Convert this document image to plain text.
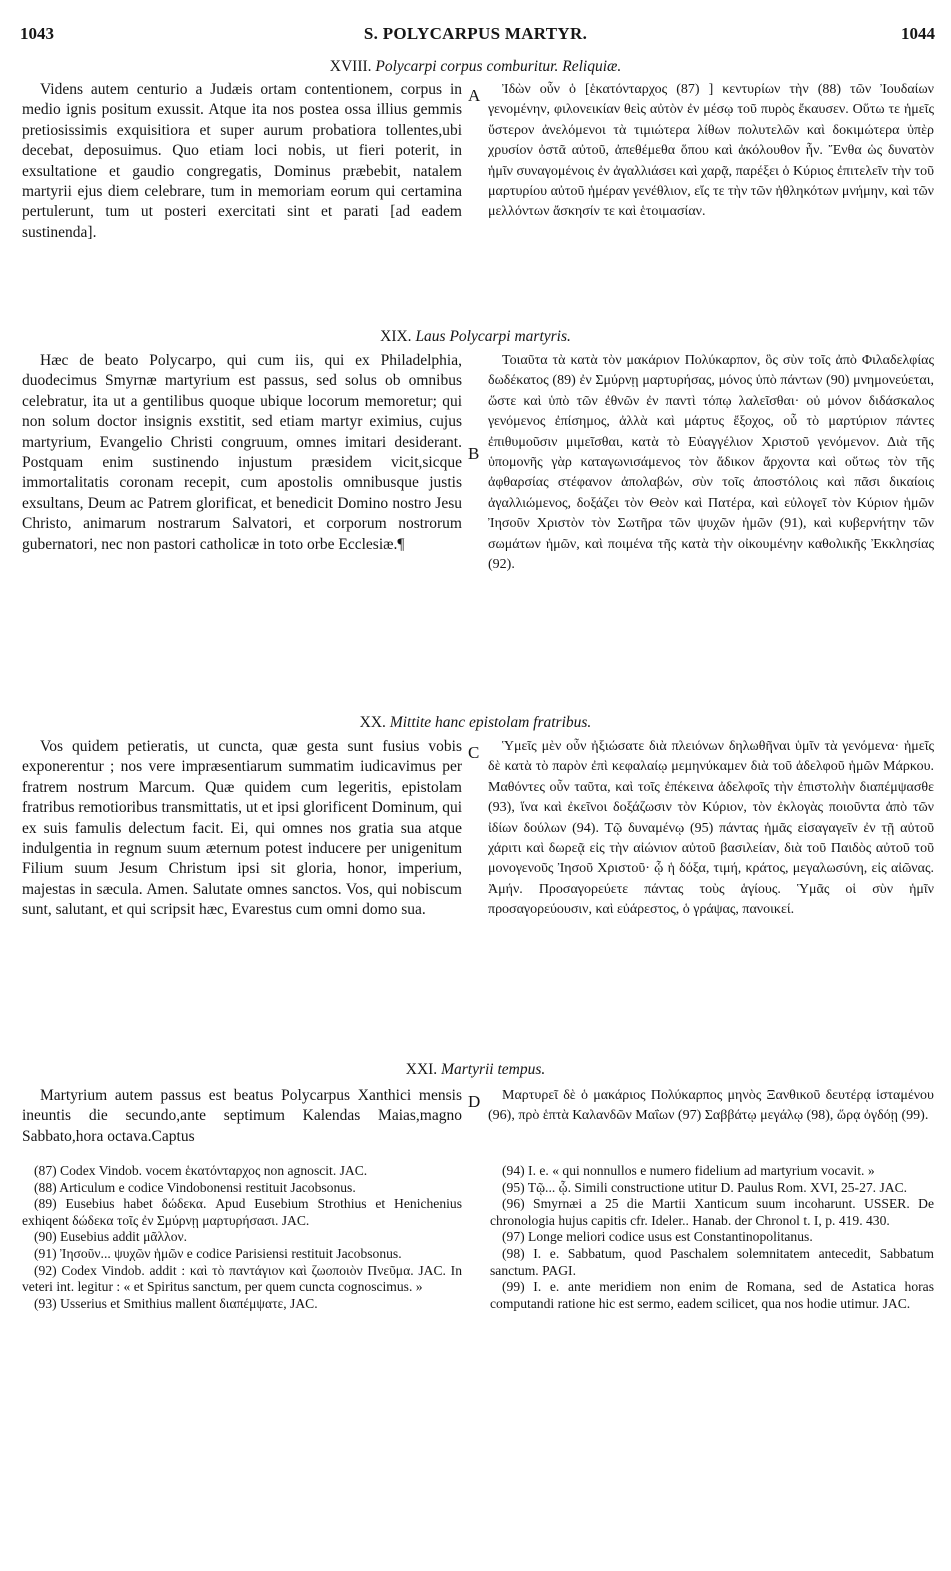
1043	S. POLYCARPUS MARTYR.	1044
XVIII. Polycarpi corpus comburitur. Reliquiæ.
A
Videns autem centurio a Judæis ortam contentionem, corpus in medio ignis positum exussit. Atque ita nos postea ossa illius gemmis pretiosissimis exquisitiora et super aurum probatiora tollentes,ubi decebat, deposuimus. Quo etiam loci nobis, ut fieri poterit, in exsultatione et gaudio congregatis, Dominus præbebit, natalem martyrii ejus diem celebrare, tum in memoriam eorum qui certamina pertulerunt, tum ut posteri exercitati sint et parati [ad eadem sustinenda].
Ἰδὼν οὖν ὁ [ἑκατόνταρχος (87) ] κεντυρίων τὴν (88) τῶν Ἰουδαίων γενομένην, φιλονεικίαν θεὶς αὐτὸν ἐν μέσῳ τοῦ πυρὸς ἔκαυσεν. Οὕτω τε ἡμεῖς ὕστερον ἀνελόμενοι τὰ τιμιώτερα λίθων πολυτελῶν καὶ δοκιμώτερα ὑπὲρ χρυσίον ὀστᾶ αὐτοῦ, ἀπεθέμεθα ὅπου καὶ ἀκόλουθον ἦν. Ἔνθα ὡς δυνατὸν ἡμῖν συναγομένοις ἐν ἀγαλλιάσει καὶ χαρᾷ, παρέξει ὁ Κύριος ἐπιτελεῖν τὴν τοῦ μαρτυρίου αὐτοῦ ἡμέραν γενέθλιον, εἴς τε τὴν τῶν ἠθληκότων μνήμην, καὶ τῶν μελλόντων ἄσκησίν τε καὶ ἑτοιμασίαν.
XIX. Laus Polycarpi martyris.
B
Hæc de beato Polycarpo, qui cum iis, qui ex Philadelphia, duodecimus Smyrnæ martyrium est passus, sed solus ob omnibus celebratur, ita ut a gentilibus quoque ubique locorum memoretur; qui non solum doctor insignis exstitit, sed etiam martyr eximius, cujus martyrium, Evangelio Christi congruum, omnes imitari desiderant. Postquam enim sustinendo injustum præsidem vicit,sicque immortalitatis coronam recepit, cum apostolis omnibusque justis exsultans, Deum ac Patrem glorificat, et benedicit Domino nostro Jesu Christo, animarum nostrarum Salvatori, et corporum nostrorum gubernatori, nec non pastori catholicæ in toto orbe Ecclesiæ.¶
Τοιαῦτα τὰ κατὰ τὸν μακάριον Πολύκαρπον, ὃς σὺν τοῖς ἀπὸ Φιλαδελφίας δωδέκατος (89) ἐν Σμύρνῃ μαρτυρήσας, μόνος ὑπὸ πάντων (90) μνημονεύεται, ὥστε καὶ ὑπὸ τῶν ἐθνῶν ἐν παντὶ τόπῳ λαλεῖσθαι· οὐ μόνον διδάσκαλος γενόμενος ἐπίσημος, ἀλλὰ καὶ μάρτυς ἔξοχος, οὗ τὸ μαρτύριον πάντες ἐπιθυμοῦσιν μιμεῖσθαι, κατὰ τὸ Εὐαγγέλιον Χριστοῦ γενόμενον. Διὰ τῆς ὑπομονῆς γὰρ καταγωνισάμενος τὸν ἄδικον ἄρχοντα καὶ οὕτως τὸν τῆς ἀφθαρσίας στέφανον ἀπολαβών, σὺν τοῖς ἀποστόλοις καὶ πᾶσι δικαίοις ἀγαλλιώμενος, δοξάζει τὸν Θεὸν καὶ Πατέρα, καὶ εὐλογεῖ τὸν Κύριον ἡμῶν Ἰησοῦν Χριστὸν τὸν Σωτῆρα τῶν ψυχῶν ἡμῶν (91), καὶ κυβερνήτην τῶν σωμάτων ἡμῶν, καὶ ποιμένα τῆς κατὰ τὴν οἰκουμένην καθολικῆς Ἐκκλησίας (92).
XX. Mittite hanc epistolam fratribus.
C
Vos quidem petieratis, ut cuncta, quæ gesta sunt fusius vobis exponerentur ; nos vere impræsentiarum summatim iudicavimus per fratrem nostrum Marcum. Quæ quidem cum legeritis, epistolam fratribus remotioribus transmittatis, ut et ipsi glorificent Dominum, qui ex suis famulis delectum facit. Ei, qui omnes nos gratia sua atque indulgentia in regnum suum æternum potest inducere per unigenitum Filium suum Jesum Christum ipsi sit gloria, honor, imperium, majestas in sæcula. Amen. Salutate omnes sanctos. Vos, qui nobiscum sunt, salutant, et qui scripsit hæc, Evarestus cum omni domo sua.
Ὑμεῖς μὲν οὖν ἠξιώσατε διὰ πλειόνων δηλωθῆναι ὑμῖν τὰ γενόμενα· ἡμεῖς δὲ κατὰ τὸ παρὸν ἐπὶ κεφαλαίῳ μεμηνύκαμεν διὰ τοῦ ἀδελφοῦ ἡμῶν Μάρκου. Μαθόντες οὖν ταῦτα, καὶ τοῖς ἐπέκεινα ἀδελφοῖς τὴν ἐπιστολὴν διαπέμψασθε (93), ἵνα καὶ ἐκεῖνοι δοξάζωσιν τὸν Κύριον, τὸν ἐκλογὰς ποιοῦντα ἀπὸ τῶν ἰδίων δούλων (94). Τῷ δυναμένῳ (95) πάντας ἡμᾶς εἰσαγαγεῖν ἐν τῇ αὐτοῦ χάριτι καὶ δωρεᾷ εἰς τὴν αἰώνιον αὐτοῦ βασιλείαν, διὰ τοῦ Παιδὸς αὐτοῦ τοῦ μονογενοῦς Ἰησοῦ Χριστοῦ· ᾧ ἡ δόξα, τιμή, κράτος, μεγαλωσύνη, εἰς αἰῶνας. Ἀμήν. Προσαγορεύετε πάντας τοὺς ἁγίους. Ὑμᾶς οἱ σὺν ἡμῖν προσαγορεύουσιν, καὶ εὐάρεστος, ὁ γράψας, πανοικεί.
XXI. Martyrii tempus.
D
Martyrium autem passus est beatus Polycarpus Xanthici mensis ineuntis die secundo,ante septimum Kalendas Maias,magno Sabbato,hora octava.Captus
Μαρτυρεῖ δὲ ὁ μακάριος Πολύκαρπος μηνὸς Ξανθικοῦ δευτέρᾳ ἱσταμένου (96), πρὸ ἑπτὰ Καλανδῶν Μαΐων (97) Σαββάτῳ μεγάλῳ (98), ὥρᾳ ὀγδόῃ (99).

(87) Codex Vindob. vocem ἑκατόνταρχος non agnoscit. JAC.

(88) Articulum e codice Vindobonensi restituit Jacobsonus.

(89) Eusebius habet δώδεκα. Apud Eusebium Strothius et Henichenius exhiqent δώδεκα τοῖς ἐν Σμύρνῃ μαρτυρήσασι. JAC.

(90) Eusebius addit μᾶλλον.

(91) Ἰησοῦν... ψυχῶν ἡμῶν e codice Parisiensi restituit Jacobsonus.

(92) Codex Vindob. addit : καὶ τὸ παντάγιον καὶ ζωοποιὸν Πνεῦμα. JAC. In veteri int. legitur : « et Spiritus sanctum, per quem cuncta cognoscimus. »

(93) Usserius et Smithius mallent διαπέμψατε, JAC.

(94) I. e. « qui nonnullos e numero fidelium ad martyrium vocavit. »

(95) Τῷ... ᾧ. Simili constructione utitur D. Paulus Rom. XVI, 25-27. JAC.

(96) Smyrnæi a 25 die Martii Xanticum suum incoharunt. USSER. De chronologia hujus capitis cfr. Ideler.. Hanab. der Chronol t. I, p. 419. 430.

(97) Longe meliori codice usus est Constantinopolitanus.

(98) I. e. Sabbatum, quod Paschalem solemnitatem antecedit, Sabbatum sanctum. PAGI.

(99) I. e. ante meridiem non enim de Romana, sed de Astatica horas computandi ratione hic est sermo, eadem scilicet, qua nos hodie utimur. JAC.
